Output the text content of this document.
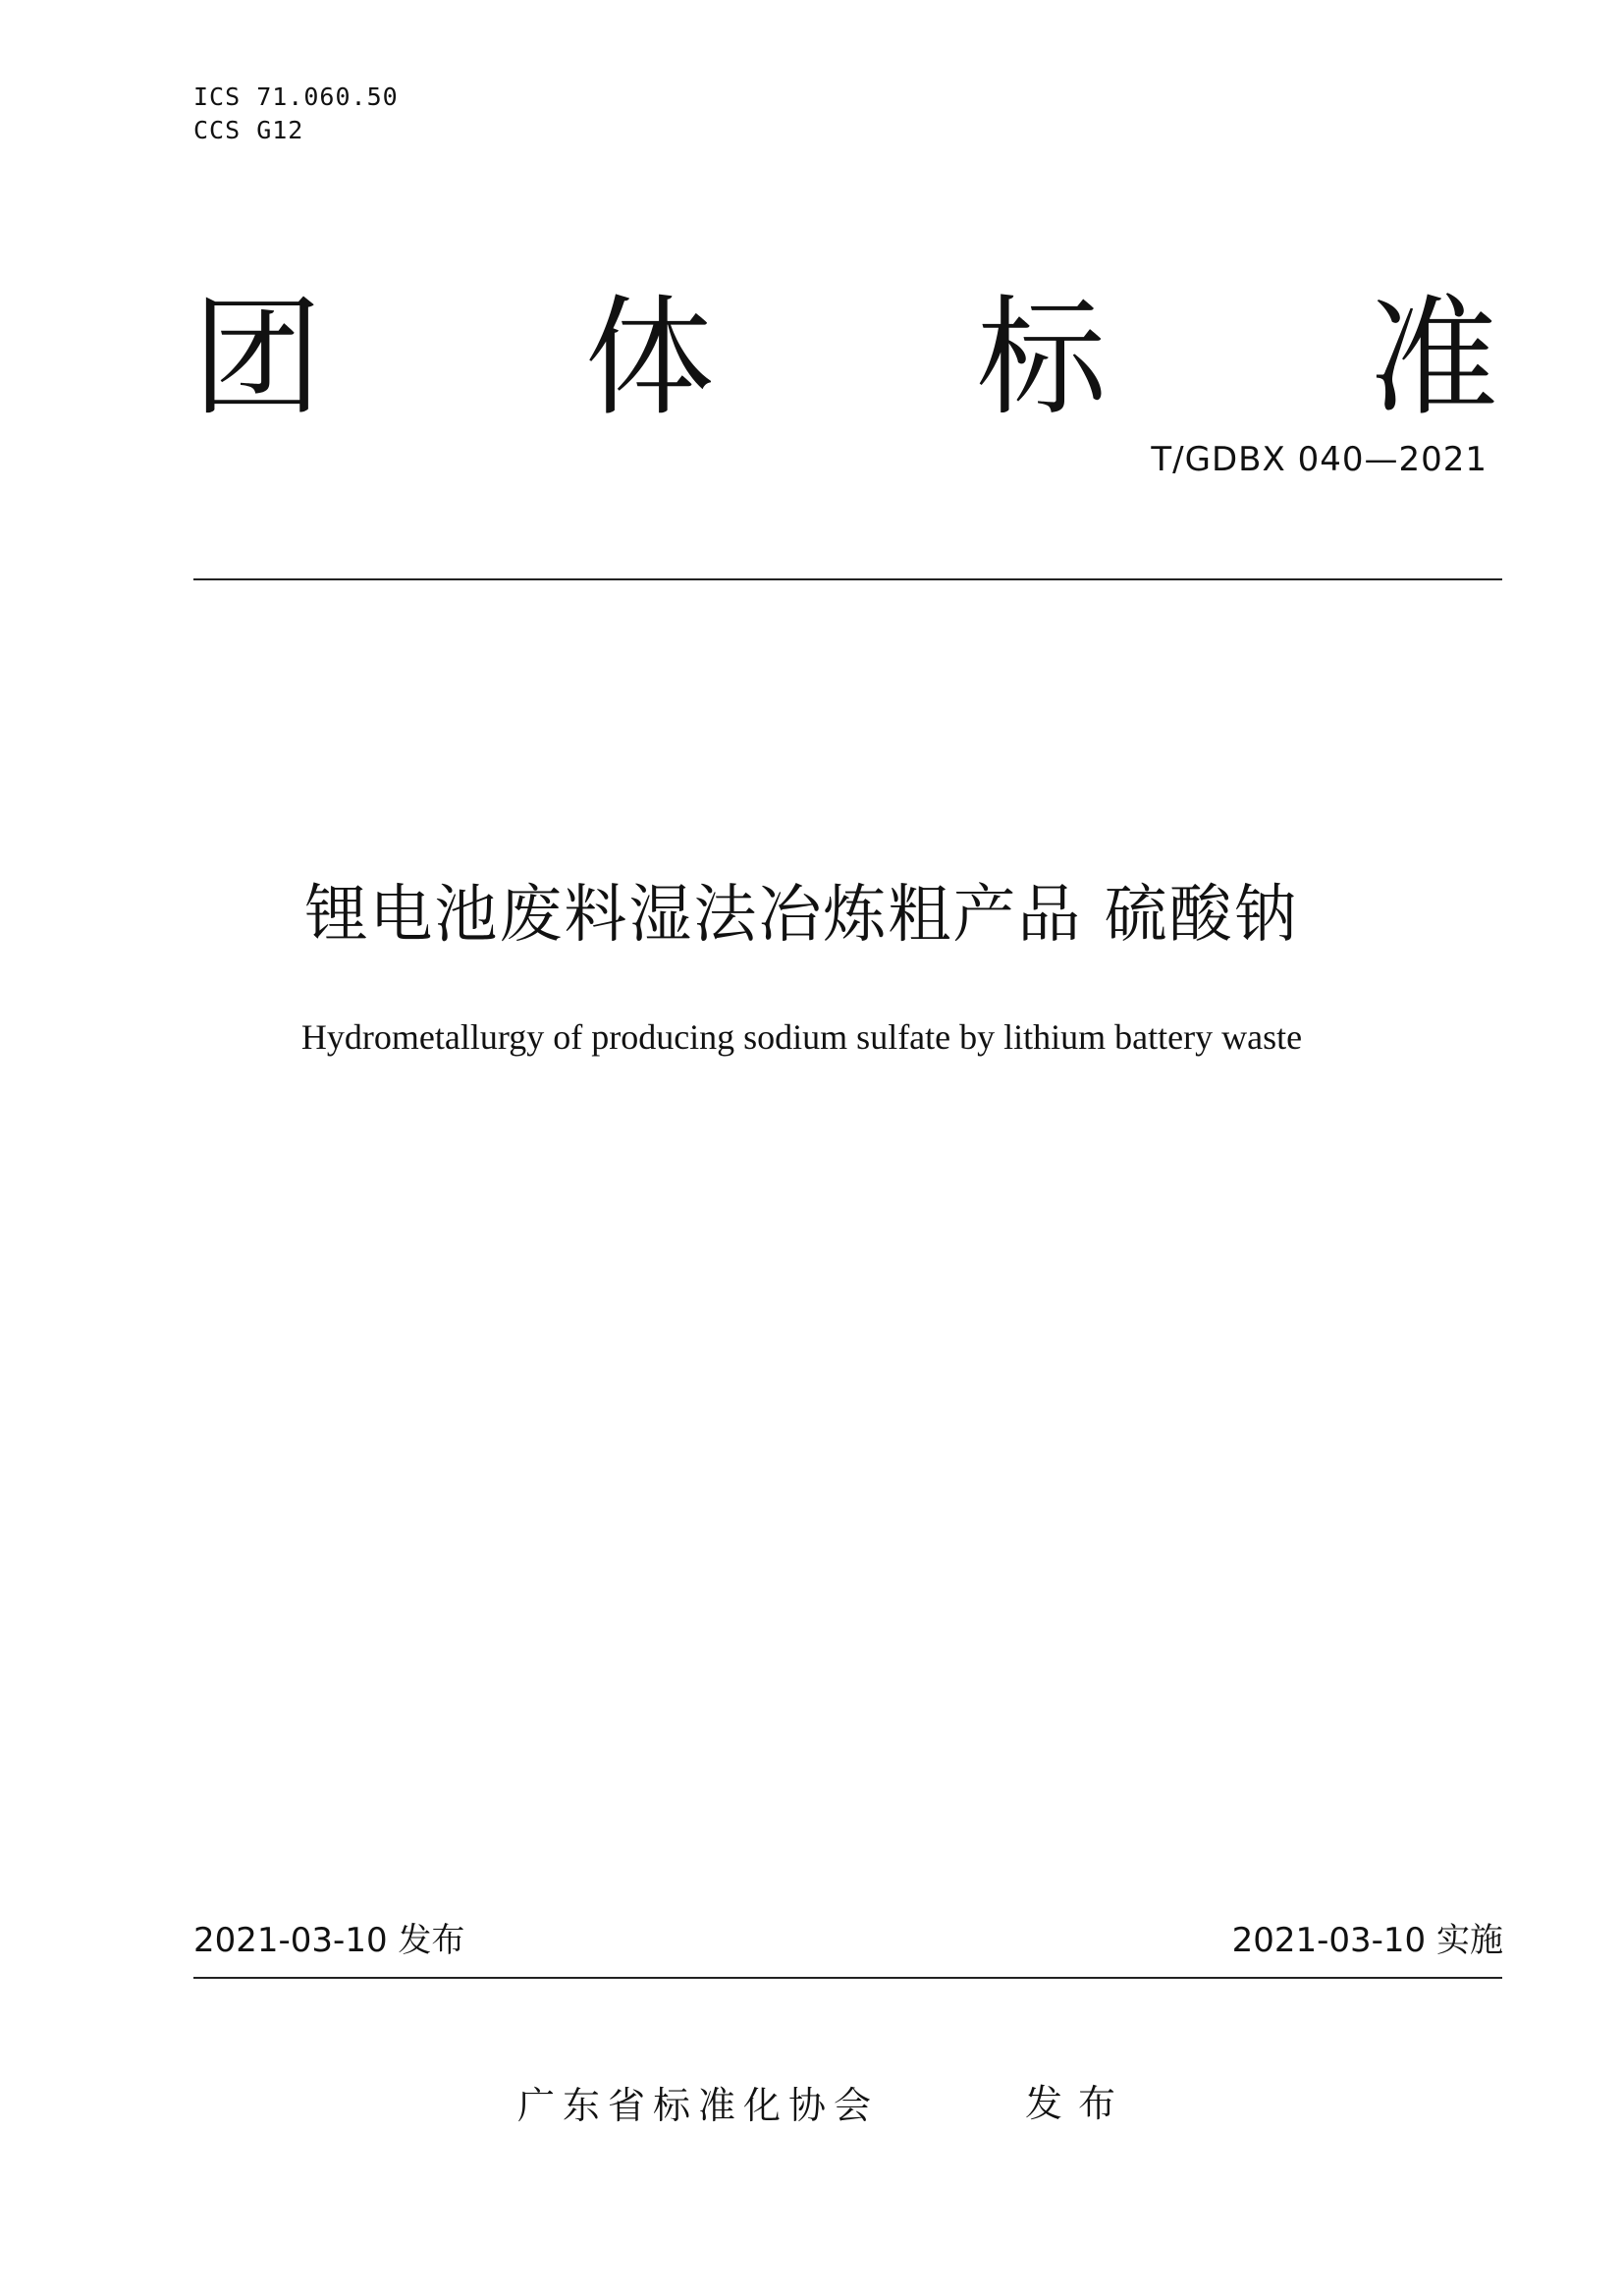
ICS 71.060.50
CCS G12
团 体 标 准
T/GDBX 040—2021
锂电池废料湿法冶炼粗产品 硫酸钠
Hydrometallurgy of producing sodium sulfate by lithium battery waste
2021-03-10 发布	2021-03-10 实施
广东省标准化协会	发布
